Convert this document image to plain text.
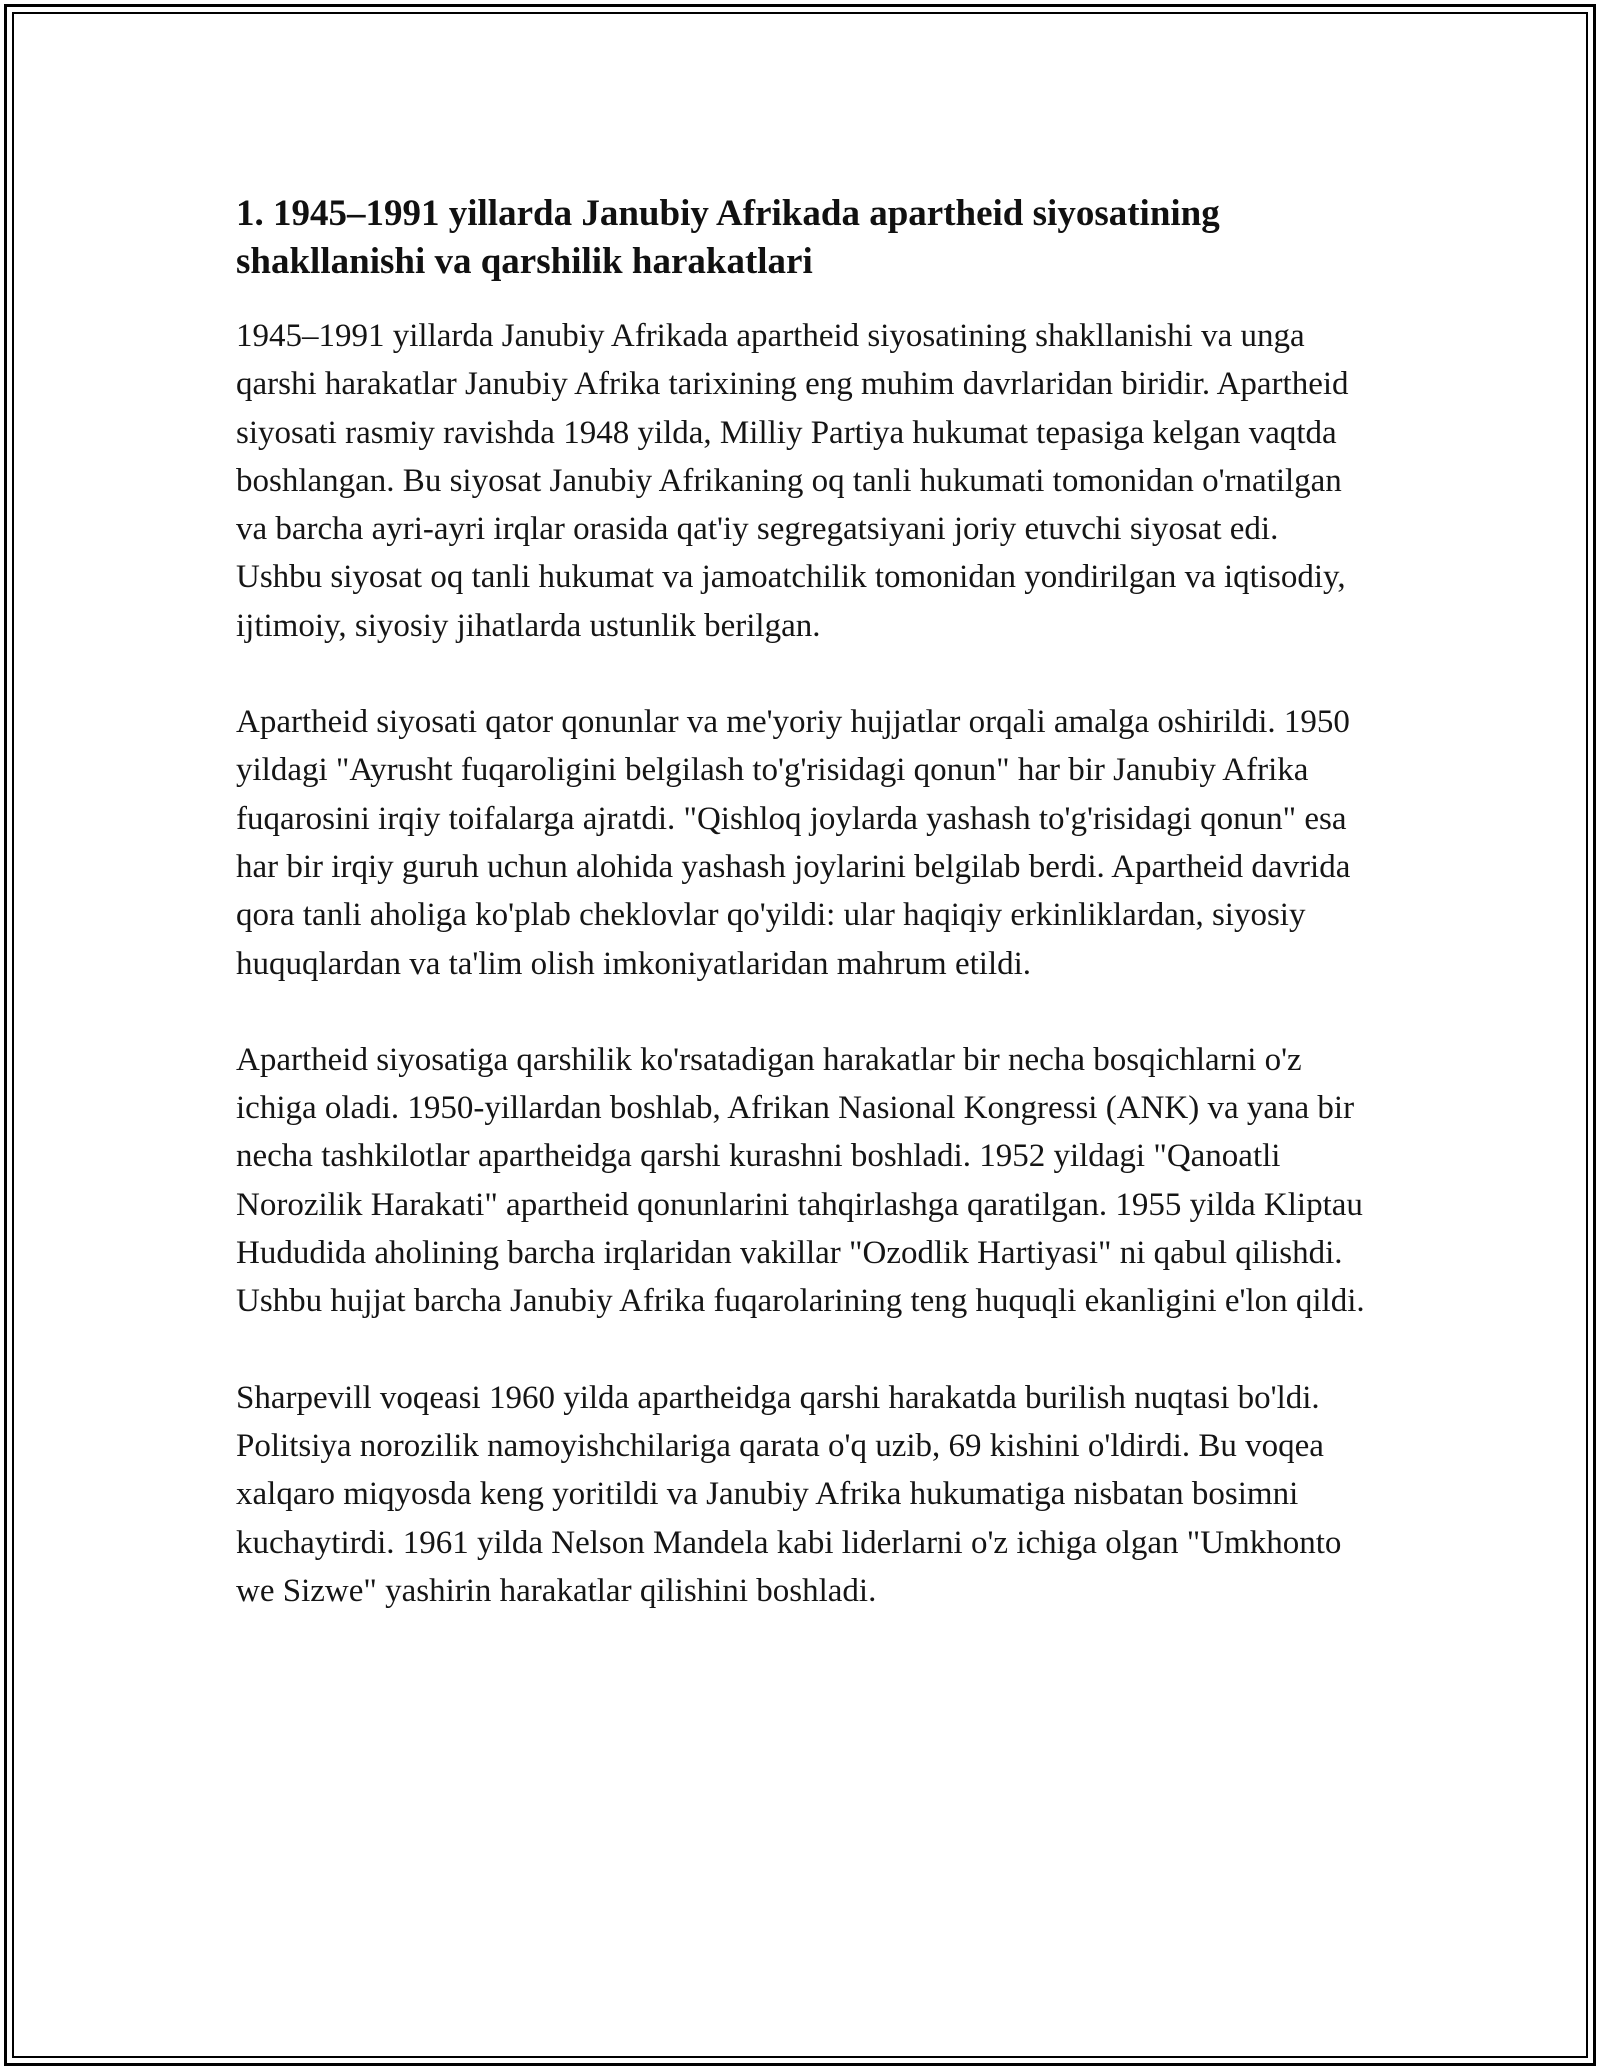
1. 1945–1991 yillarda Janubiy Afrikada apartheid siyosatining shakllanishi va qarshilik harakatlari

1945–1991 yillarda Janubiy Afrikada apartheid siyosatining shakllanishi va unga qarshi harakatlar Janubiy Afrika tarixining eng muhim davrlaridan biridir. Apartheid siyosati rasmiy ravishda 1948 yilda, Milliy Partiya hukumat tepasiga kelgan vaqtda boshlangan. Bu siyosat Janubiy Afrikaning oq tanli hukumati tomonidan o'rnatilgan va barcha ayri-ayri irqlar orasida qat'iy segregatsiyani joriy etuvchi siyosat edi. Ushbu siyosat oq tanli hukumat va jamoatchilik tomonidan yondirilgan va iqtisodiy, ijtimoiy, siyosiy jihatlarda ustunlik berilgan.

Apartheid siyosati qator qonunlar va me'yoriy hujjatlar orqali amalga oshirildi. 1950 yildagi "Ayrusht fuqaroligini belgilash to'g'risidagi qonun" har bir Janubiy Afrika fuqarosini irqiy toifalarga ajratdi. "Qishloq joylarda yashash to'g'risidagi qonun" esa har bir irqiy guruh uchun alohida yashash joylarini belgilab berdi. Apartheid davrida qora tanli aholiga ko'plab cheklovlar qo'yildi: ular haqiqiy erkinliklardan, siyosiy huquqlardan va ta'lim olish imkoniyatlaridan mahrum etildi.

Apartheid siyosatiga qarshilik ko'rsatadigan harakatlar bir necha bosqichlarni o'z ichiga oladi. 1950-yillardan boshlab, Afrikan Nasional Kongressi (ANK) va yana bir necha tashkilotlar apartheidga qarshi kurashni boshladi. 1952 yildagi "Qanoatli Norozilik Harakati" apartheid qonunlarini tahqirlashga qaratilgan. 1955 yilda Kliptau Hududida aholining barcha irqlaridan vakillar "Ozodlik Hartiyasi" ni qabul qilishdi. Ushbu hujjat barcha Janubiy Afrika fuqarolarining teng huquqli ekanligini e'lon qildi.

Sharpevill voqeasi 1960 yilda apartheidga qarshi harakatda burilish nuqtasi bo'ldi. Politsiya norozilik namoyishchilariga qarata o'q uzib, 69 kishini o'ldirdi. Bu voqea xalqaro miqyosda keng yoritildi va Janubiy Afrika hukumatiga nisbatan bosimni kuchaytirdi. 1961 yilda Nelson Mandela kabi liderlarni o'z ichiga olgan "Umkhonto we Sizwe" yashirin harakatlar qilishini boshladi.
